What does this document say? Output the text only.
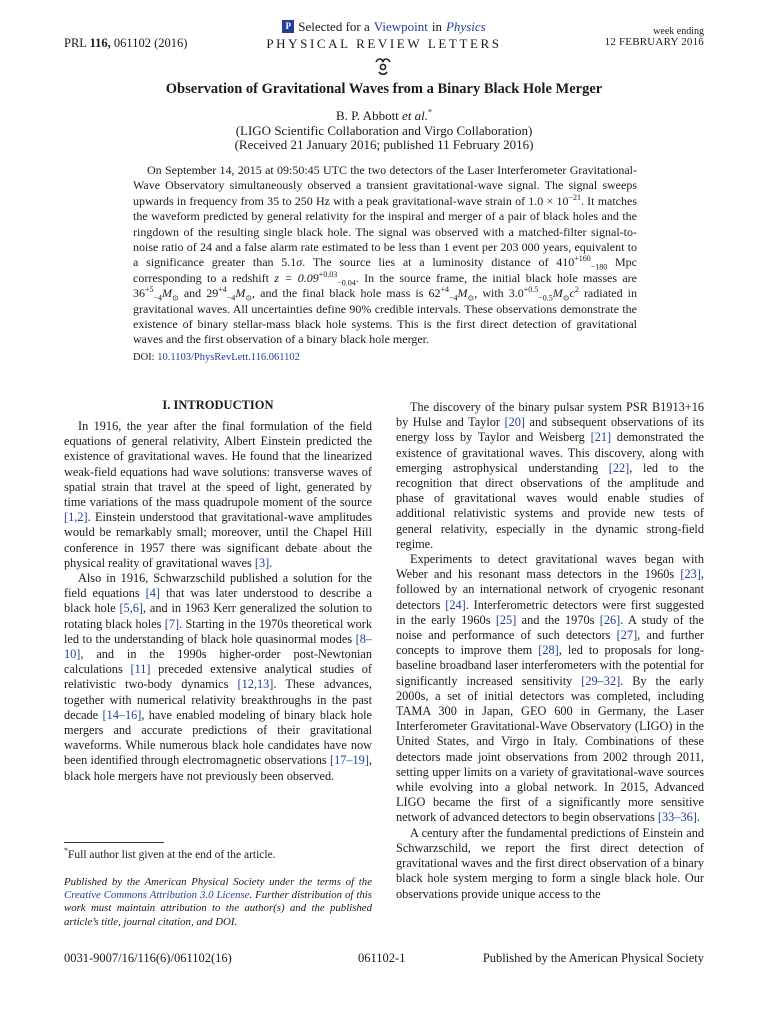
PRL 116, 061102 (2016)
P Selected for a Viewpoint in Physics
PHYSICAL REVIEW LETTERS
week ending
12 FEBRUARY 2016
Observation of Gravitational Waves from a Binary Black Hole Merger
B. P. Abbott et al.*
(LIGO Scientific Collaboration and Virgo Collaboration)
(Received 21 January 2016; published 11 February 2016)

On September 14, 2015 at 09:50:45 UTC the two detectors of the Laser Interferometer Gravitational-Wave Observatory simultaneously observed a transient gravitational-wave signal. The signal sweeps upwards in frequency from 35 to 250 Hz with a peak gravitational-wave strain of $1.0 \times 10^{-21}$. It matches the waveform predicted by general relativity for the inspiral and merger of a pair of black holes and the ringdown of the resulting single black hole. The signal was observed with a matched-filter signal-to-noise ratio of 24 and a false alarm rate estimated to be less than 1 event per 203 000 years, equivalent to a significance greater than 5.1σ. The source lies at a luminosity distance of $410^{+160}_{-180}$ Mpc corresponding to a redshift $z = 0.09^{+0.03}_{-0.04}$. In the source frame, the initial black hole masses are $36^{+5}_{-4}M_⊙$ and $29^{+4}_{-4}M_⊙$, and the final black hole mass is $62^{+4}_{-4}M_⊙$, with $3.0^{+0.5}_{-0.5}M_⊙c^2$ radiated in gravitational waves. All uncertainties define 90% credible intervals. These observations demonstrate the existence of binary stellar-mass black hole systems. This is the first direct detection of gravitational waves and the first observation of a binary black hole merger.

DOI: 10.1103/PhysRevLett.116.061102
I. INTRODUCTION

In 1916, the year after the final formulation of the field equations of general relativity, Albert Einstein predicted the existence of gravitational waves. He found that the linearized weak-field equations had wave solutions: transverse waves of spatial strain that travel at the speed of light, generated by time variations of the mass quadrupole moment of the source [1,2]. Einstein understood that gravitational-wave amplitudes would be remarkably small; moreover, until the Chapel Hill conference in 1957 there was significant debate about the physical reality of gravitational waves [3].

Also in 1916, Schwarzschild published a solution for the field equations [4] that was later understood to describe a black hole [5,6], and in 1963 Kerr generalized the solution to rotating black holes [7]. Starting in the 1970s theoretical work led to the understanding of black hole quasinormal modes [8–10], and in the 1990s higher-order post-Newtonian calculations [11] preceded extensive analytical studies of relativistic two-body dynamics [12,13]. These advances, together with numerical relativity breakthroughs in the past decade [14–16], have enabled modeling of binary black hole mergers and accurate predictions of their gravitational waveforms. While numerous black hole candidates have now been identified through electromagnetic observations [17–19], black hole mergers have not previously been observed.

The discovery of the binary pulsar system PSR B1913+16 by Hulse and Taylor [20] and subsequent observations of its energy loss by Taylor and Weisberg [21] demonstrated the existence of gravitational waves. This discovery, along with emerging astrophysical understanding [22], led to the recognition that direct observations of the amplitude and phase of gravitational waves would enable studies of additional relativistic systems and provide new tests of general relativity, especially in the dynamic strong-field regime.

Experiments to detect gravitational waves began with Weber and his resonant mass detectors in the 1960s [23], followed by an international network of cryogenic resonant detectors [24]. Interferometric detectors were first suggested in the early 1960s [25] and the 1970s [26]. A study of the noise and performance of such detectors [27], and further concepts to improve them [28], led to proposals for long-baseline broadband laser interferometers with the potential for significantly increased sensitivity [29–32]. By the early 2000s, a set of initial detectors was completed, including TAMA 300 in Japan, GEO 600 in Germany, the Laser Interferometer Gravitational-Wave Observatory (LIGO) in the United States, and Virgo in Italy. Combinations of these detectors made joint observations from 2002 through 2011, setting upper limits on a variety of gravitational-wave sources while evolving into a global network. In 2015, Advanced LIGO became the first of a significantly more sensitive network of advanced detectors to begin observations [33–36].

A century after the fundamental predictions of Einstein and Schwarzschild, we report the first direct detection of gravitational waves and the first direct observation of a binary black hole system merging to form a single black hole. Our observations provide unique access to the

*Full author list given at the end of the article.
Published by the American Physical Society under the terms of the Creative Commons Attribution 3.0 License. Further distribution of this work must maintain attribution to the author(s) and the published article’s title, journal citation, and DOI.
0031-9007/16/116(6)/061102(16)	061102-1	Published by the American Physical Society
